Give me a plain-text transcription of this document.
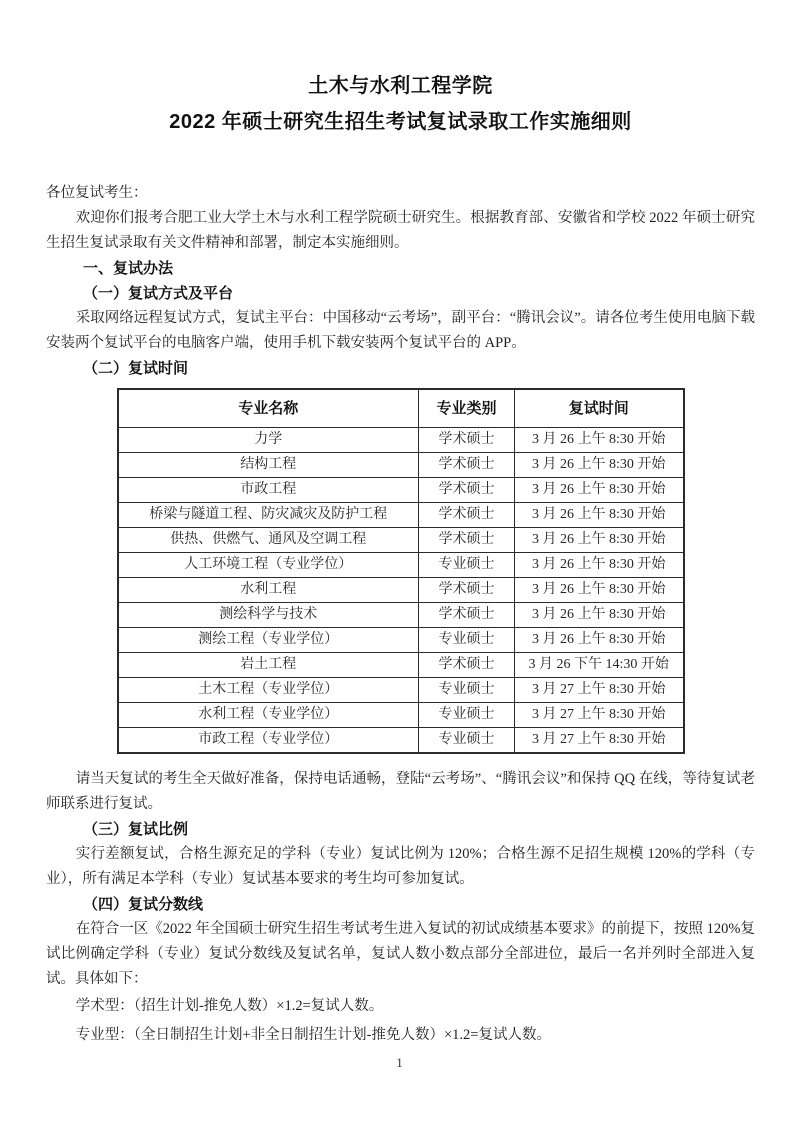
土木与水利工程学院
2022 年硕士研究生招生考试复试录取工作实施细则

各位复试考生：

欢迎你们报考合肥工业大学土木与水利工程学院硕士研究生。根据教育部、安徽省和学校 2022 年硕士研究生招生复试录取有关文件精神和部署，制定本实施细则。

一、复试办法

（一）复试方式及平台

采取网络远程复试方式，复试主平台：中国移动“云考场”，副平台：“腾讯会议”。请各位考生使用电脑下载安装两个复试平台的电脑客户端，使用手机下载安装两个复试平台的 APP。

（二）复试时间

专业名称	专业类别	复试时间
力学	学术硕士	3 月 26 上午 8:30 开始
结构工程	学术硕士	3 月 26 上午 8:30 开始
市政工程	学术硕士	3 月 26 上午 8:30 开始
桥梁与隧道工程、防灾减灾及防护工程	学术硕士	3 月 26 上午 8:30 开始
供热、供燃气、通风及空调工程	学术硕士	3 月 26 上午 8:30 开始
人工环境工程（专业学位）	专业硕士	3 月 26 上午 8:30 开始
水利工程	学术硕士	3 月 26 上午 8:30 开始
测绘科学与技术	学术硕士	3 月 26 上午 8:30 开始
测绘工程（专业学位）	专业硕士	3 月 26 上午 8:30 开始
岩土工程	学术硕士	3 月 26 下午 14:30 开始
土木工程（专业学位）	专业硕士	3 月 27 上午 8:30 开始
水利工程（专业学位）	专业硕士	3 月 27 上午 8:30 开始
市政工程（专业学位）	专业硕士	3 月 27 上午 8:30 开始

请当天复试的考生全天做好准备，保持电话通畅，登陆“云考场”、“腾讯会议”和保持 QQ 在线，等待复试老师联系进行复试。

（三）复试比例

实行差额复试，合格生源充足的学科（专业）复试比例为 120%；合格生源不足招生规模 120%的学科（专业），所有满足本学科（专业）复试基本要求的考生均可参加复试。

（四）复试分数线

在符合一区《2022 年全国硕士研究生招生考试考生进入复试的初试成绩基本要求》的前提下，按照 120%复试比例确定学科（专业）复试分数线及复试名单，复试人数小数点部分全部进位，最后一名并列时全部进入复试。具体如下：

学术型：（招生计划-推免人数）×1.2=复试人数。

专业型：（全日制招生计划+非全日制招生计划-推免人数）×1.2=复试人数。

1
